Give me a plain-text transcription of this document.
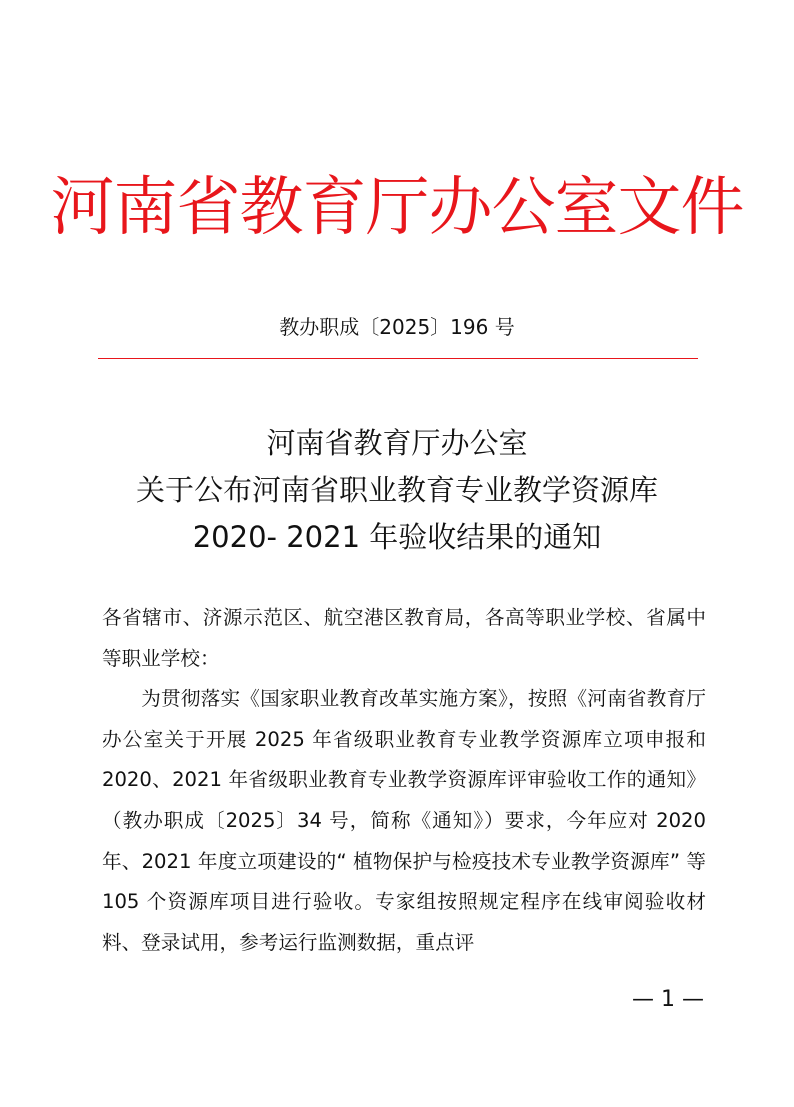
河南省教育厅办公室文件
教办职成〔2025〕196 号
河南省教育厅办公室
关于公布河南省职业教育专业教学资源库
2020- 2021 年验收结果的通知

各省辖市、济源示范区、航空港区教育局，各高等职业学校、省属中等职业学校：

为贯彻落实《国家职业教育改革实施方案》，按照《河南省教育厅办公室关于开展 2025 年省级职业教育专业教学资源库立项申报和 2020、2021 年省级职业教育专业教学资源库评审验收工作的通知》（教办职成〔2025〕34 号，简称《通知》）要求，今年应对 2020 年、2021 年度立项建设的“ 植物保护与检疫技术专业教学资源库” 等 105 个资源库项目进行验收。专家组按照规定程序在线审阅验收材料、登录试用，参考运行监测数据，重点评

— 1 —
